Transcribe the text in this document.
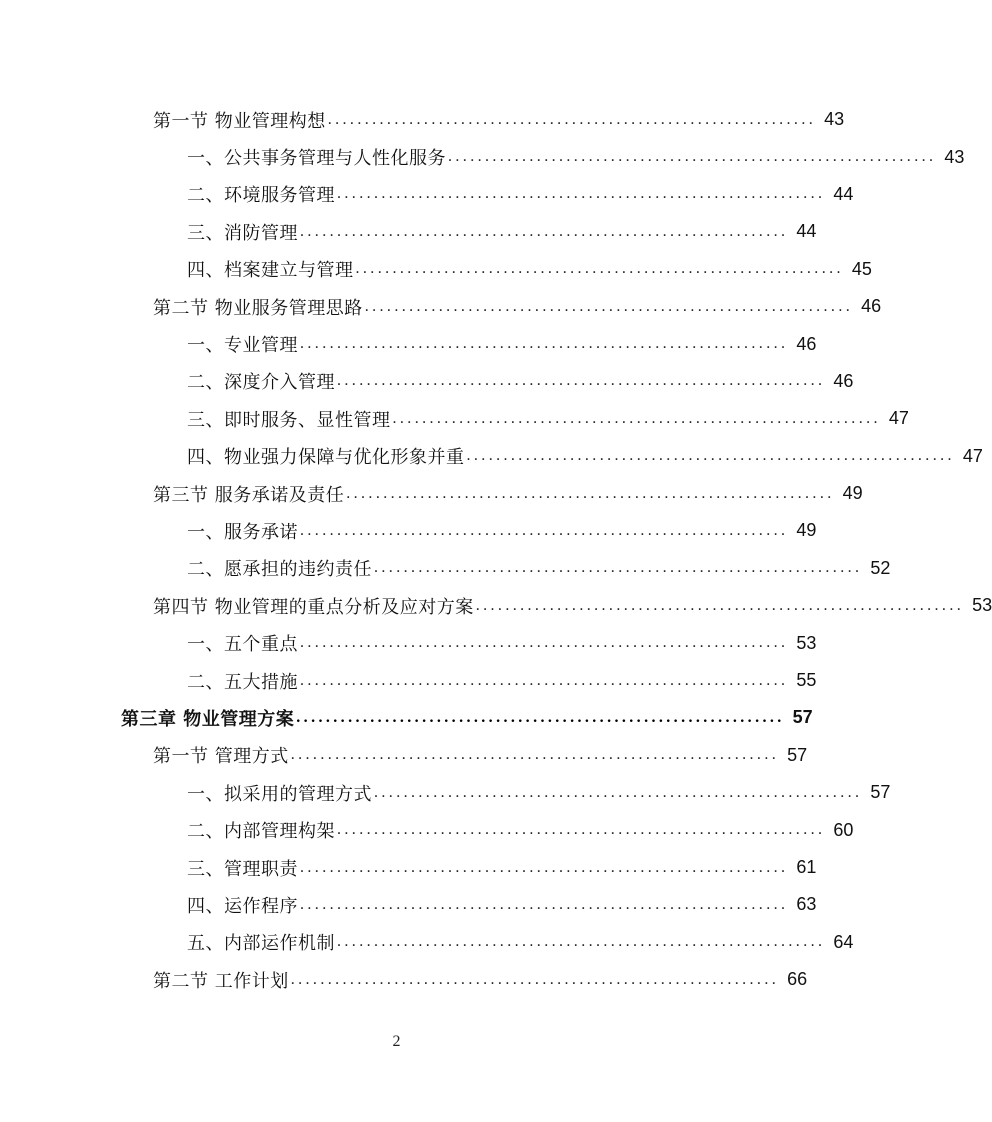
第一节 物业管理构想 .................................................................. 43
一、公共事务管理与人性化服务 .................................................................. 43
二、环境服务管理 .................................................................. 44
三、消防管理 .................................................................. 44
四、档案建立与管理 .................................................................. 45
第二节 物业服务管理思路 .................................................................. 46
一、专业管理 .................................................................. 46
二、深度介入管理 .................................................................. 46
三、即时服务、显性管理 .................................................................. 47
四、物业强力保障与优化形象并重 .................................................................. 47
第三节 服务承诺及责任 .................................................................. 49
一、服务承诺 .................................................................. 49
二、愿承担的违约责任 .................................................................. 52
第四节 物业管理的重点分析及应对方案 .................................................................. 53
一、五个重点 .................................................................. 53
二、五大措施 .................................................................. 55
第三章 物业管理方案 .................................................................. 57
第一节 管理方式 .................................................................. 57
一、拟采用的管理方式 .................................................................. 57
二、内部管理构架 .................................................................. 60
三、管理职责 .................................................................. 61
四、运作程序 .................................................................. 63
五、内部运作机制 .................................................................. 64
第二节 工作计划 .................................................................. 66
2
